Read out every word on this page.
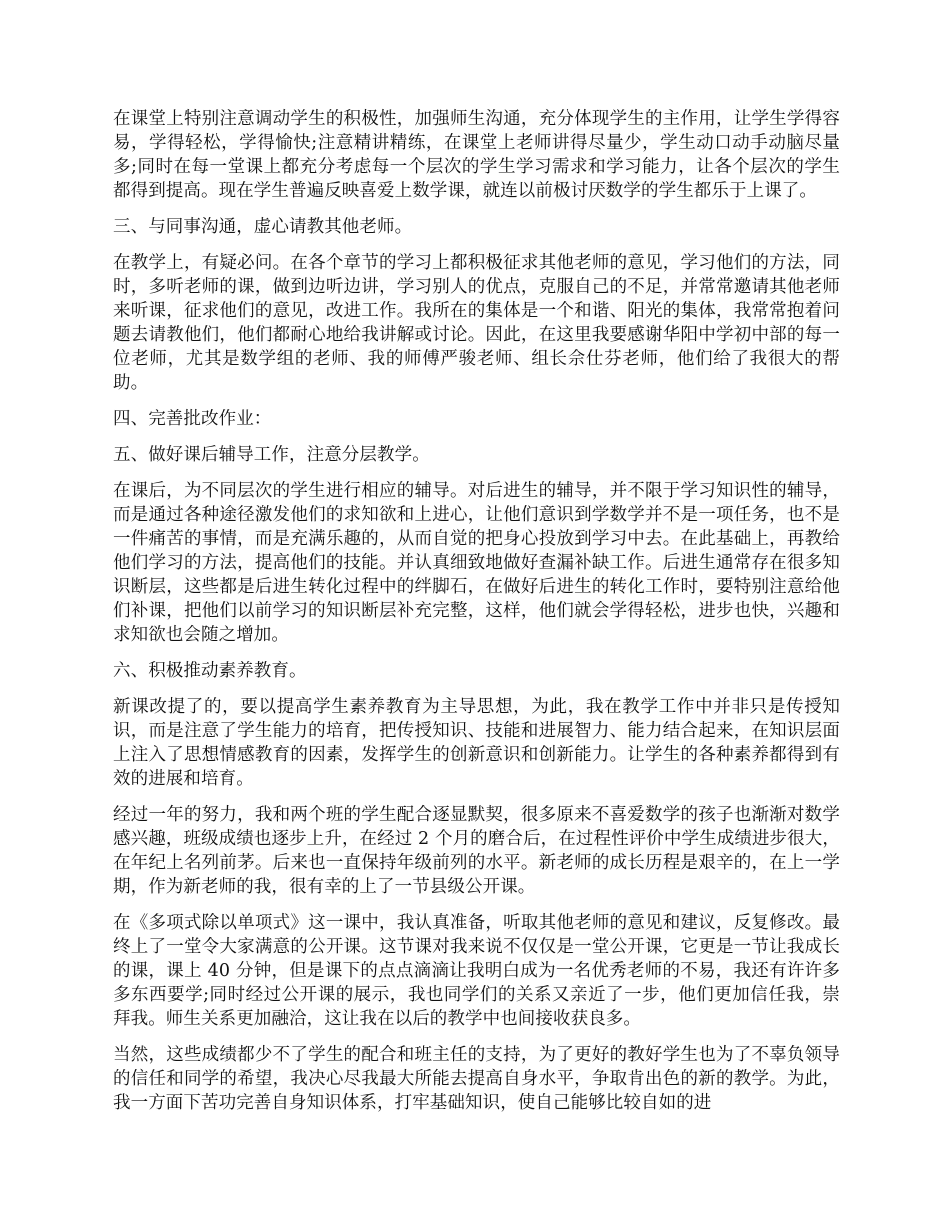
在课堂上特别注意调动学生的积极性，加强师生沟通，充分体现学生的主作用，让学生学得容易，学得轻松，学得愉快;注意精讲精练，在课堂上老师讲得尽量少，学生动口动手动脑尽量多;同时在每一堂课上都充分考虑每一个层次的学生学习需求和学习能力，让各个层次的学生都得到提高。现在学生普遍反映喜爱上数学课，就连以前极讨厌数学的学生都乐于上课了。

三、与同事沟通，虚心请教其他老师。

在教学上，有疑必问。在各个章节的学习上都积极征求其他老师的意见，学习他们的方法，同时，多听老师的课，做到边听边讲，学习别人的优点，克服自己的不足，并常常邀请其他老师来听课，征求他们的意见，改进工作。我所在的集体是一个和谐、阳光的集体，我常常抱着问题去请教他们，他们都耐心地给我讲解或讨论。因此，在这里我要感谢华阳中学初中部的每一位老师，尤其是数学组的老师、我的师傅严骏老师、组长佘仕芬老师，他们给了我很大的帮助。

四、完善批改作业：

五、做好课后辅导工作，注意分层教学。

在课后，为不同层次的学生进行相应的辅导。对后进生的辅导，并不限于学习知识性的辅导，而是通过各种途径激发他们的求知欲和上进心，让他们意识到学数学并不是一项任务，也不是一件痛苦的事情，而是充满乐趣的，从而自觉的把身心投放到学习中去。在此基础上，再教给他们学习的方法，提高他们的技能。并认真细致地做好查漏补缺工作。后进生通常存在很多知识断层，这些都是后进生转化过程中的绊脚石，在做好后进生的转化工作时，要特别注意给他们补课，把他们以前学习的知识断层补充完整，这样，他们就会学得轻松，进步也快，兴趣和求知欲也会随之增加。

六、积极推动素养教育。

新课改提了的，要以提高学生素养教育为主导思想，为此，我在教学工作中并非只是传授知识，而是注意了学生能力的培育，把传授知识、技能和进展智力、能力结合起来，在知识层面上注入了思想情感教育的因素，发挥学生的创新意识和创新能力。让学生的各种素养都得到有效的进展和培育。

经过一年的努力，我和两个班的学生配合逐显默契，很多原来不喜爱数学的孩子也渐渐对数学感兴趣，班级成绩也逐步上升，在经过 2 个月的磨合后，在过程性评价中学生成绩进步很大，在年纪上名列前茅。后来也一直保持年级前列的水平。新老师的成长历程是艰辛的，在上一学期，作为新老师的我，很有幸的上了一节县级公开课。

在《多项式除以单项式》这一课中，我认真准备，听取其他老师的意见和建议，反复修改。最终上了一堂令大家满意的公开课。这节课对我来说不仅仅是一堂公开课，它更是一节让我成长的课，课上 40 分钟，但是课下的点点滴滴让我明白成为一名优秀老师的不易，我还有许许多多东西要学;同时经过公开课的展示，我也同学们的关系又亲近了一步，他们更加信任我，崇拜我。师生关系更加融洽，这让我在以后的教学中也间接收获良多。

当然，这些成绩都少不了学生的配合和班主任的支持，为了更好的教好学生也为了不辜负领导的信任和同学的希望，我决心尽我最大所能去提高自身水平，争取肯出色的新的教学。为此，我一方面下苦功完善自身知识体系，打牢基础知识，使自己能够比较自如的进
